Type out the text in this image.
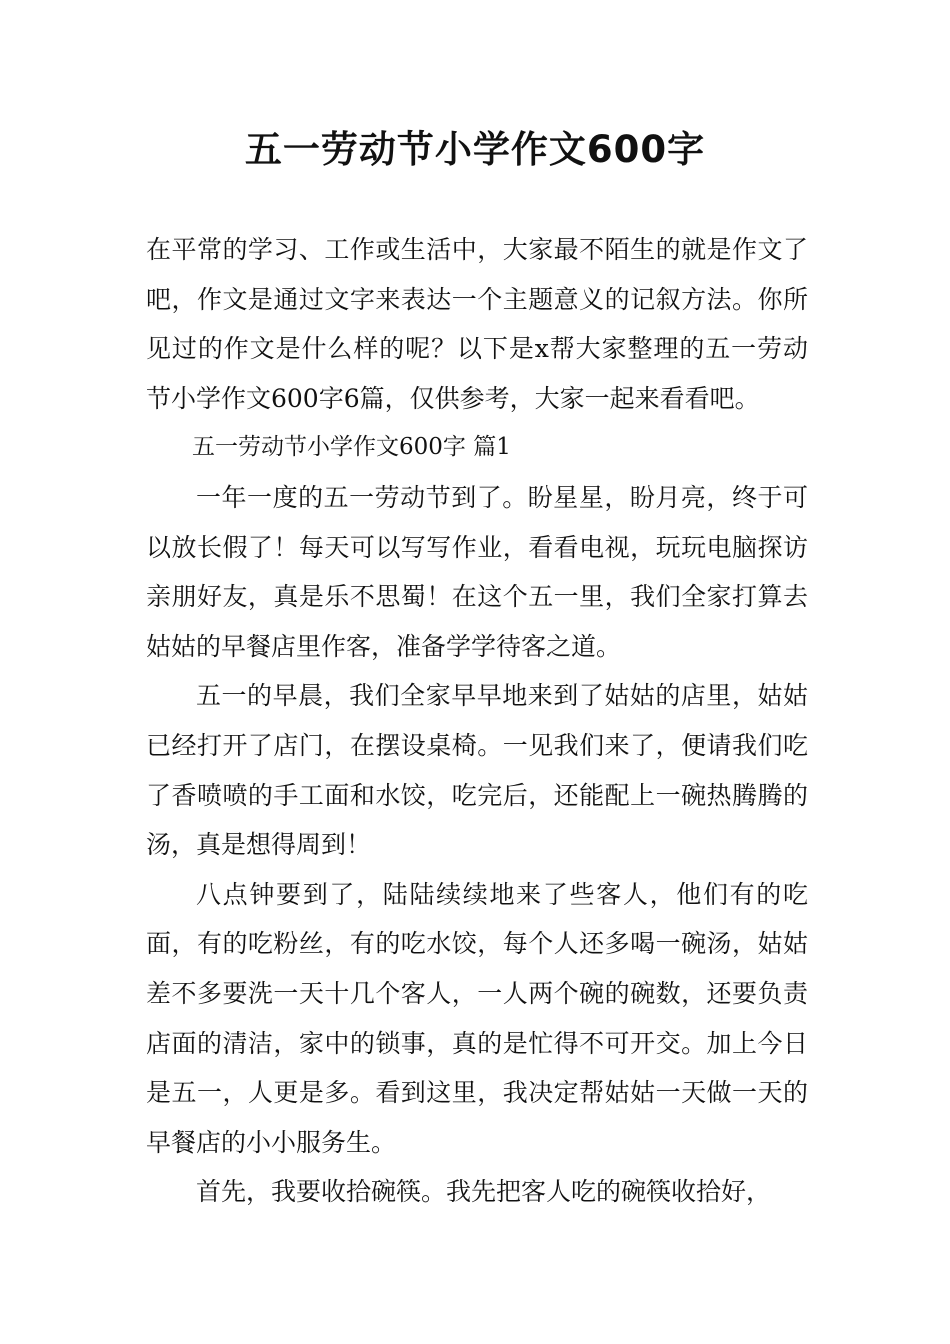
五一劳动节小学作文600字

在平常的学习、工作或生活中，大家最不陌生的就是作文了吧，作文是通过文字来表达一个主题意义的记叙方法。你所见过的作文是什么样的呢？以下是x帮大家整理的五一劳动节小学作文600字6篇，仅供参考，大家一起来看看吧。

五一劳动节小学作文600字 篇1

一年一度的五一劳动节到了。盼星星，盼月亮，终于可以放长假了！每天可以写写作业，看看电视，玩玩电脑探访亲朋好友，真是乐不思蜀！在这个五一里，我们全家打算去姑姑的早餐店里作客，准备学学待客之道。

五一的早晨，我们全家早早地来到了姑姑的店里，姑姑已经打开了店门，在摆设桌椅。一见我们来了，便请我们吃了香喷喷的手工面和水饺，吃完后，还能配上一碗热腾腾的汤，真是想得周到！

八点钟要到了，陆陆续续地来了些客人，他们有的吃面，有的吃粉丝，有的吃水饺，每个人还多喝一碗汤，姑姑差不多要洗一天十几个客人，一人两个碗的碗数，还要负责店面的清洁，家中的锁事，真的是忙得不可开交。加上今日是五一，人更是多。看到这里，我决定帮姑姑一天做一天的早餐店的小小服务生。

首先，我要收拾碗筷。我先把客人吃的碗筷收拾好，
